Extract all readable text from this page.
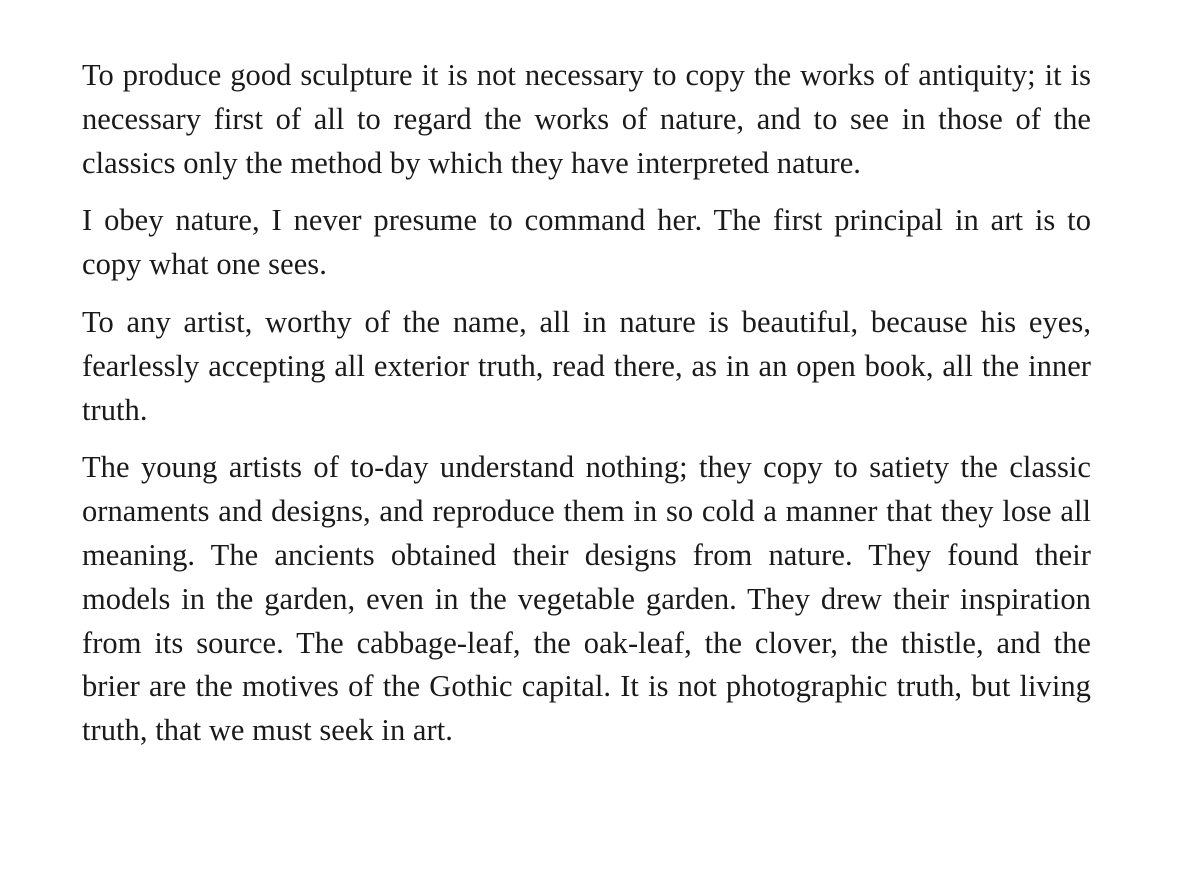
To produce good sculpture it is not necessary to copy the works of antiquity; it is necessary first of all to regard the works of nature, and to see in those of the classics only the method by which they have interpreted nature.

I obey nature, I never presume to command her. The first principal in art is to copy what one sees.

To any artist, worthy of the name, all in nature is beautiful, because his eyes, fearlessly accepting all exterior truth, read there, as in an open book, all the inner truth.

The young artists of to-day understand nothing; they copy to satiety the classic ornaments and designs, and reproduce them in so cold a manner that they lose all meaning. The ancients obtained their designs from nature. They found their models in the garden, even in the vegetable garden. They drew their inspiration from its source. The cabbage-leaf, the oak-leaf, the clover, the thistle, and the brier are the motives of the Gothic capital. It is not photographic truth, but living truth, that we must seek in art.
